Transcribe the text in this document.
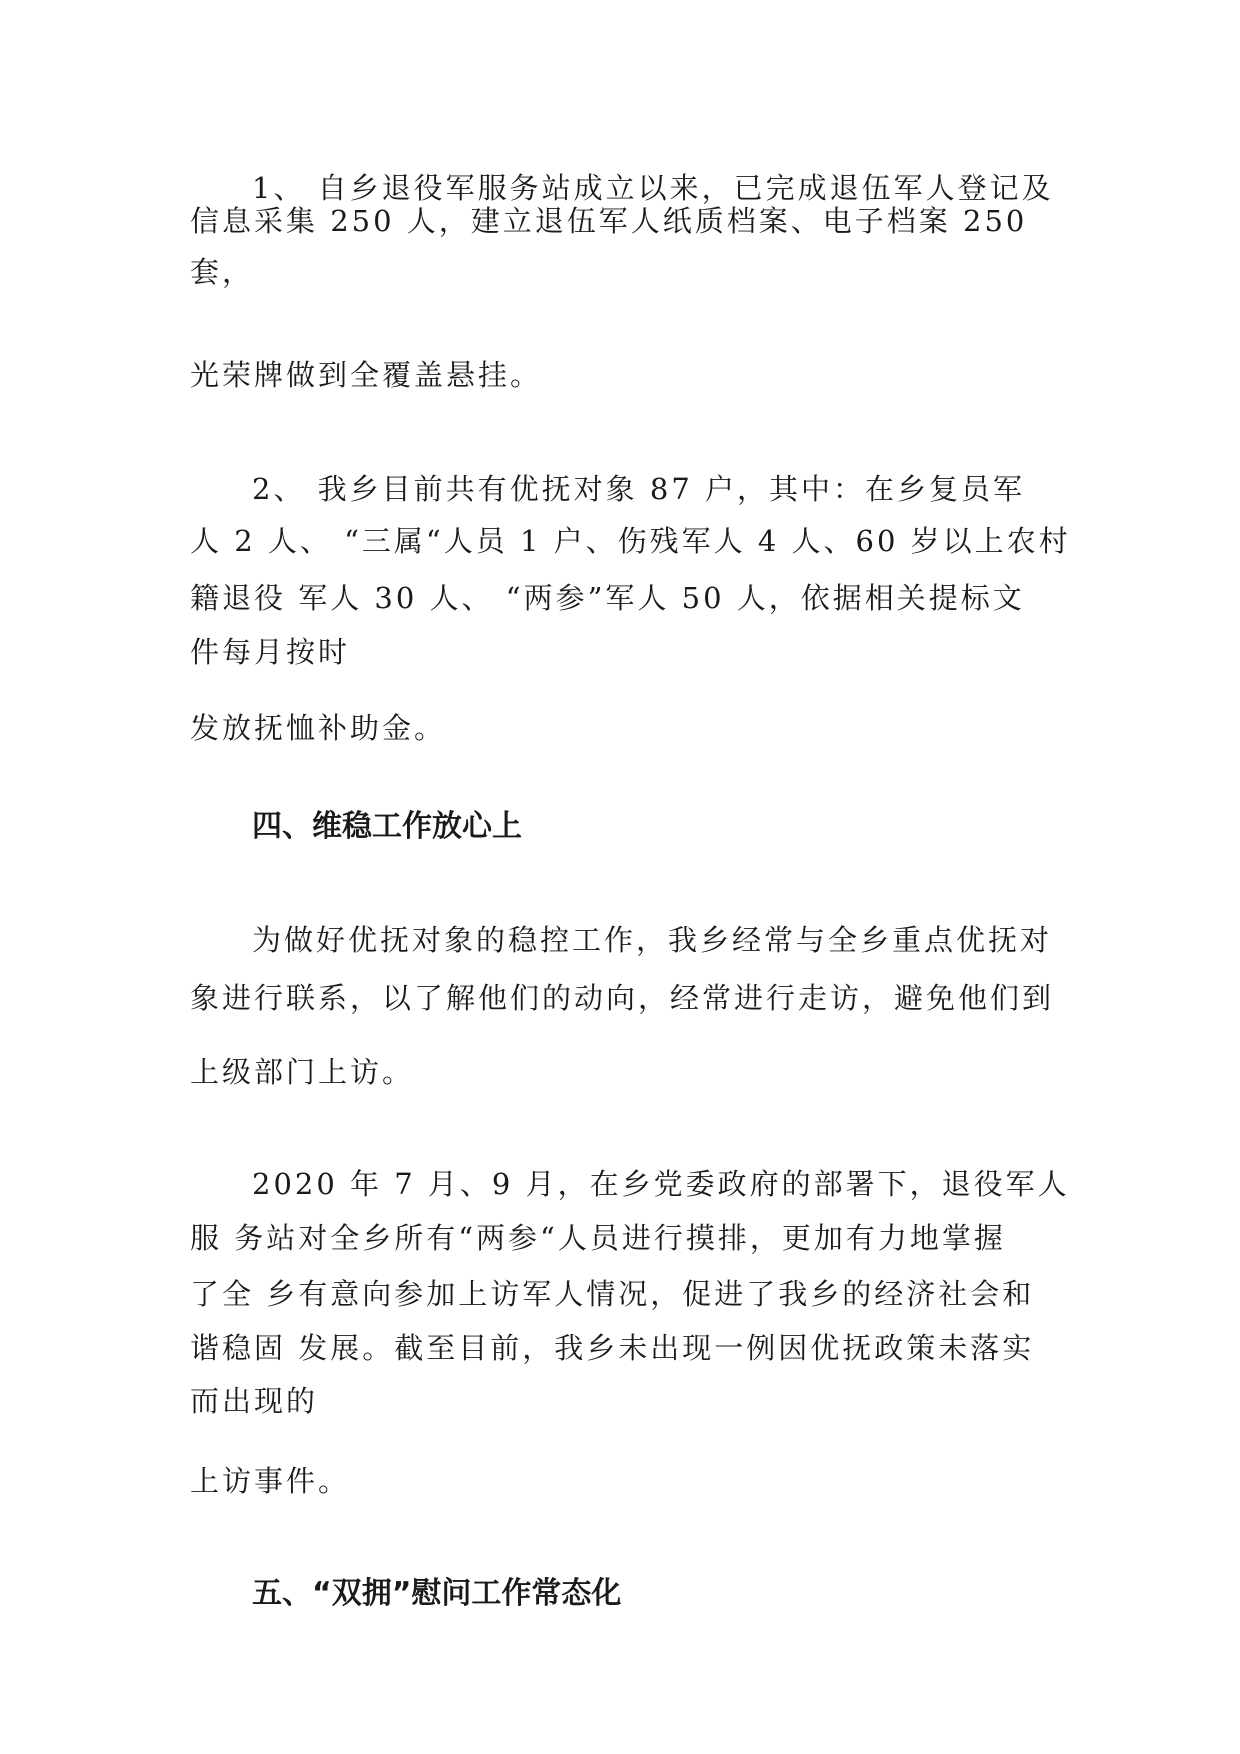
1、 自乡退役军服务站成立以来，已完成退伍军人登记及

信息采集 250 人，建立退伍军人纸质档案、电子档案 250

套，

光荣牌做到全覆盖悬挂。

2、 我乡目前共有优抚对象 87 户，其中：在乡复员军

人 2 人、 “三属“人员 1 户、伤残军人 4 人、60 岁以上农村

籍退役 军人 30 人、 “两参”军人 50 人，依据相关提标文

件每月按时

发放抚恤补助金。

四、维稳工作放心上

为做好优抚对象的稳控工作，我乡经常与全乡重点优抚对

象进行联系，以了解他们的动向，经常进行走访，避免他们到

上级部门上访。

2020 年 7 月、9 月，在乡党委政府的部署下，退役军人

服 务站对全乡所有“两参“人员进行摸排，更加有力地掌握

了全 乡有意向参加上访军人情况，促进了我乡的经济社会和

谐稳固 发展。截至目前，我乡未出现一例因优抚政策未落实

而出现的

上访事件。

五、“双拥”慰问工作常态化
